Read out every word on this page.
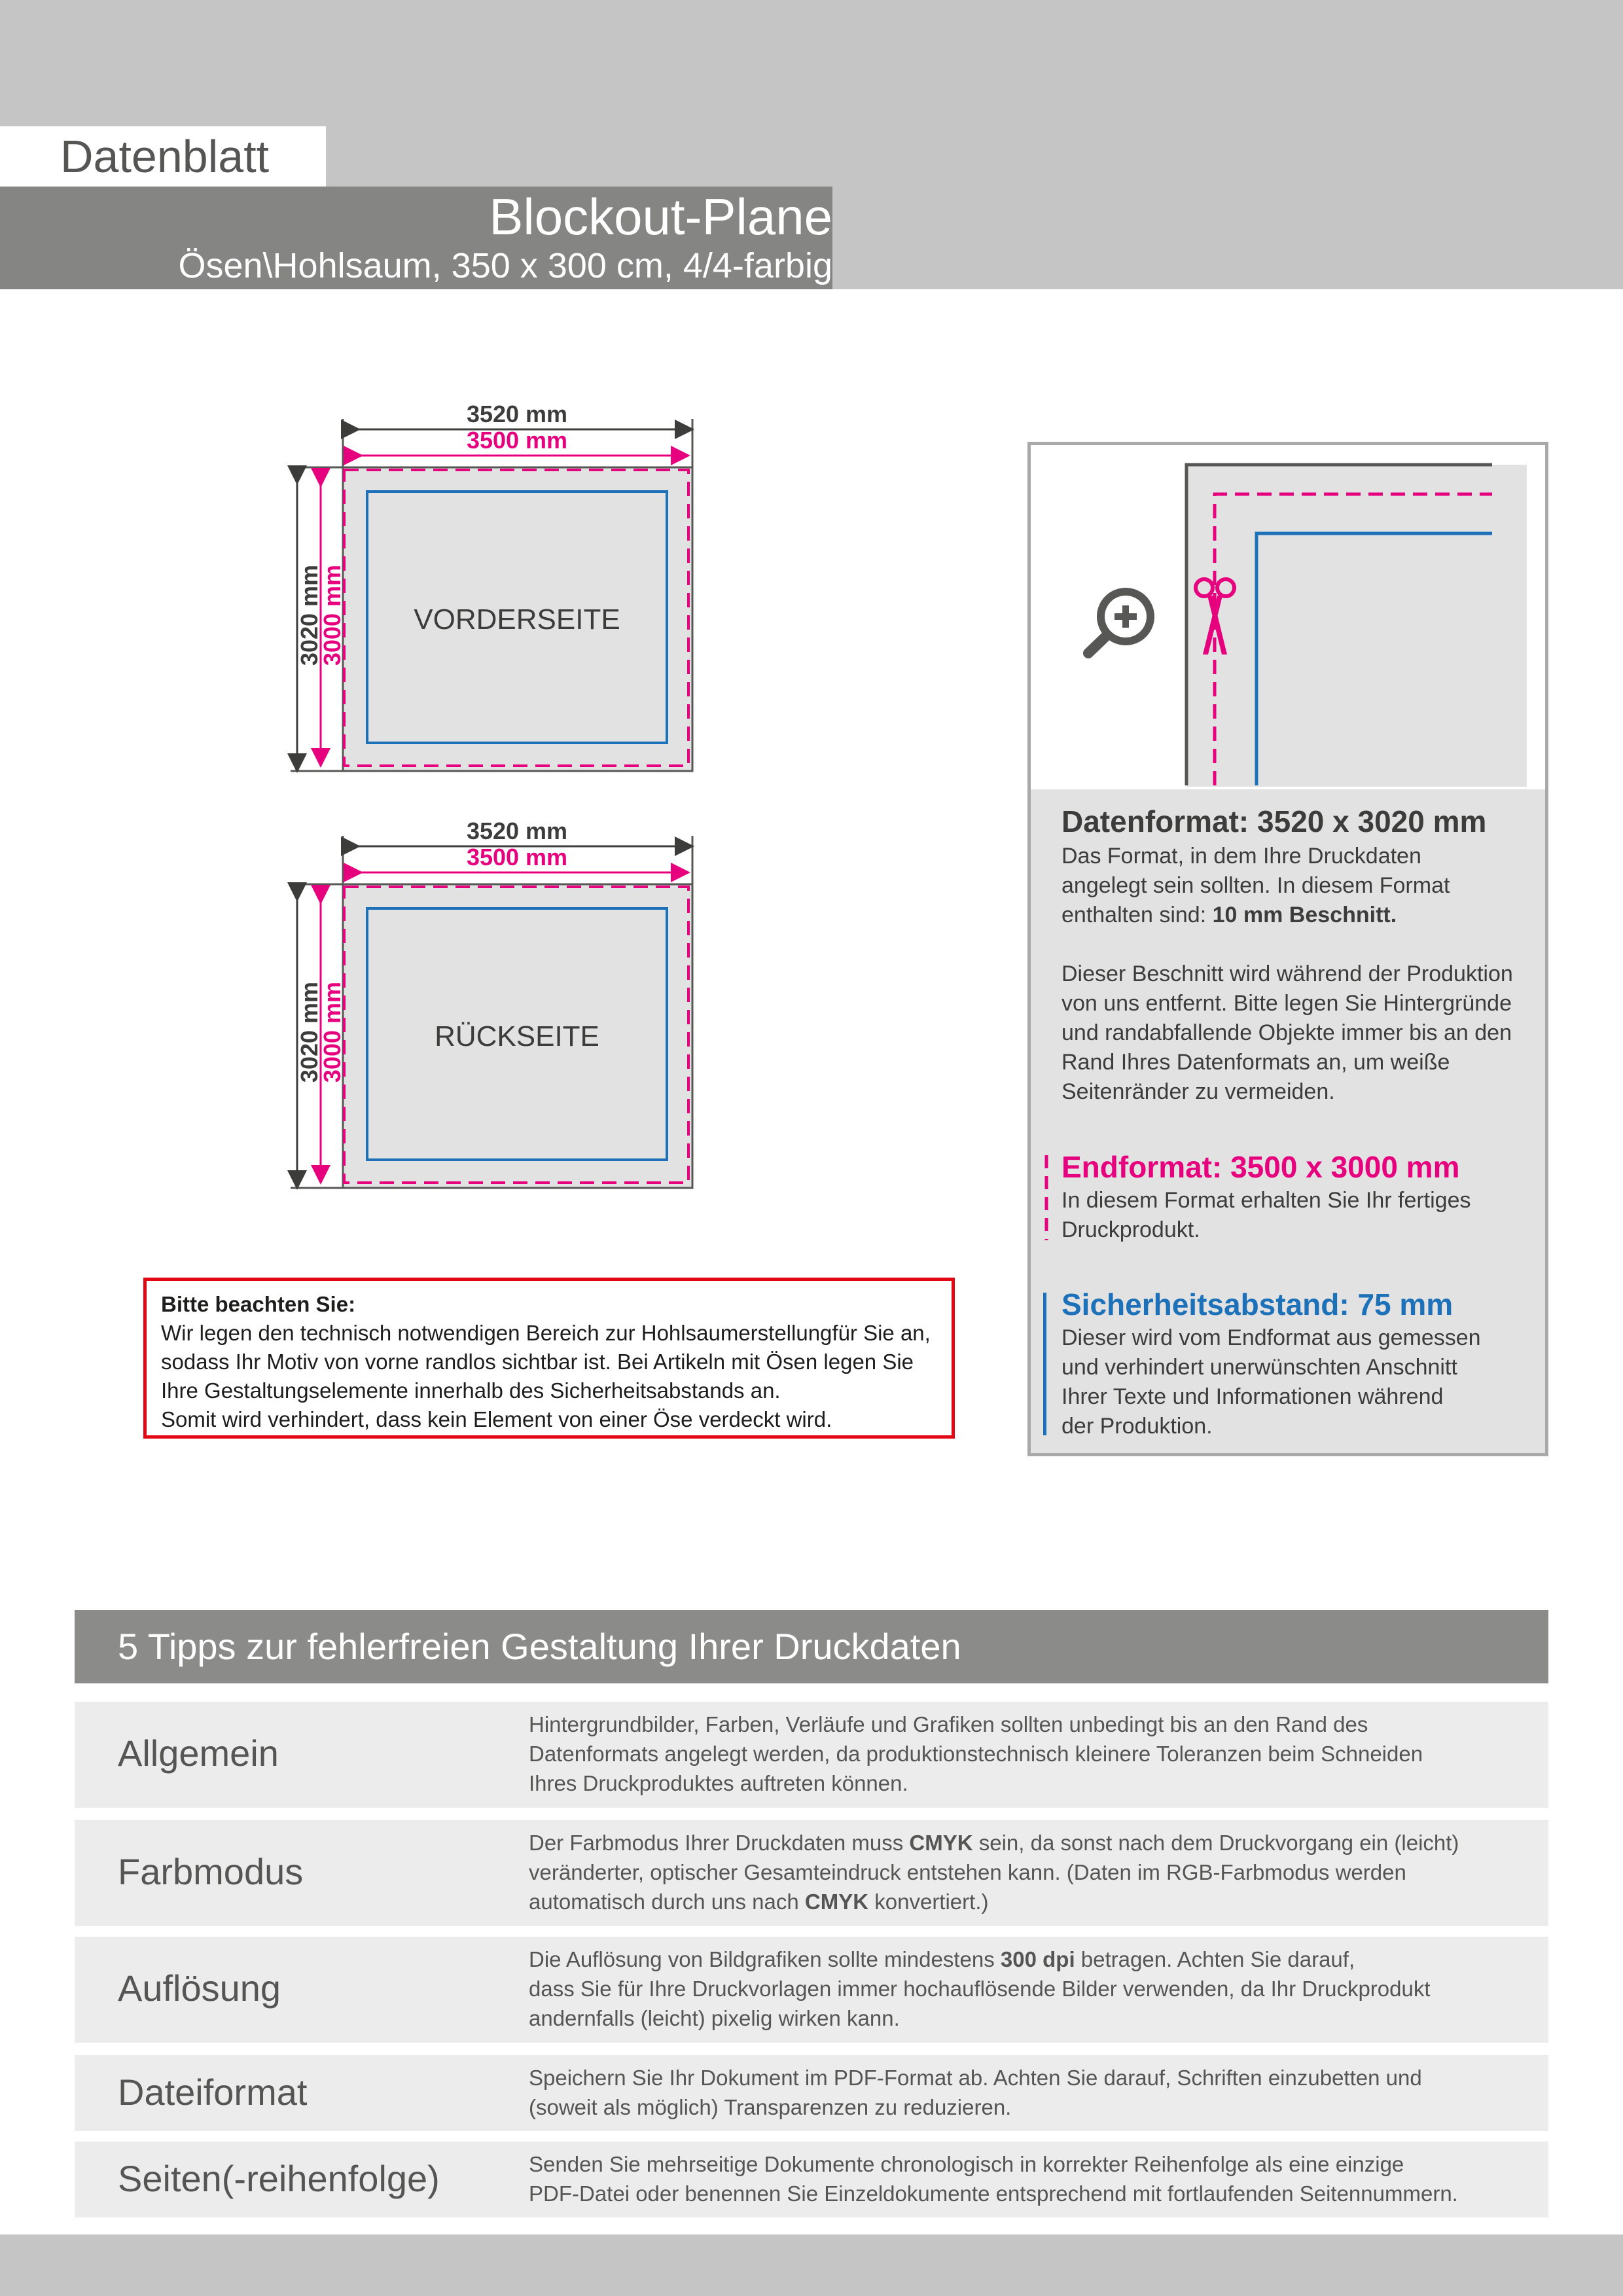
Datenblatt
Blockout-Plane
Ösen\Hohlsaum, 350 x 300 cm, 4/4-farbig
3520 mm
3500 mm
3020 mm
3000 mm	VORDERSEITE
3520 mm
3500 mm
3020 mm
3000 mm	RÜCKSEITE
Datenformat: 3520 x 3020 mm
Das Format, in dem Ihre Druckdaten
angelegt sein sollten. In diesem Format
enthalten sind: 10 mm Beschnitt.
Dieser Beschnitt wird während der Produktion
von uns entfernt. Bitte legen Sie Hintergründe
und randabfallende Objekte immer bis an den
Rand Ihres Datenformats an, um weiße
Seitenränder zu vermeiden.
Endformat: 3500 x 3000 mm
In diesem Format erhalten Sie Ihr fertiges
Druckprodukt.
Sicherheitsabstand: 75 mm
Dieser wird vom Endformat aus gemessen
und verhindert unerwünschten Anschnitt
Ihrer Texte und Informationen während
der Produktion.
Bitte beachten Sie:
Wir legen den technisch notwendigen Bereich zur Hohlsaumerstellungfür Sie an,
sodass Ihr Motiv von vorne randlos sichtbar ist. Bei Artikeln mit Ösen legen Sie
Ihre Gestaltungselemente innerhalb des Sicherheitsabstands an.
Somit wird verhindert, dass kein Element von einer Öse verdeckt wird.
5 Tipps zur fehlerfreien Gestaltung Ihrer Druckdaten
Allgemein
Hintergrundbilder, Farben, Verläufe und Grafiken sollten unbedingt bis an den Rand des
Datenformats angelegt werden, da produktionstechnisch kleinere Toleranzen beim Schneiden
Ihres Druckproduktes auftreten können.
Farbmodus
Der Farbmodus Ihrer Druckdaten muss CMYK sein, da sonst nach dem Druckvorgang ein (leicht)
veränderter, optischer Gesamteindruck entstehen kann. (Daten im RGB-Farbmodus werden
automatisch durch uns nach CMYK konvertiert.)
Auflösung
Die Auflösung von Bildgrafiken sollte mindestens 300 dpi betragen. Achten Sie darauf,
dass Sie für Ihre Druckvorlagen immer hochauflösende Bilder verwenden, da Ihr Druckprodukt
andernfalls (leicht) pixelig wirken kann.
Dateiformat	Speichern Sie Ihr Dokument im PDF-Format ab. Achten Sie darauf, Schriften einzubetten und
(soweit als möglich) Transparenzen zu reduzieren.
Seiten(-reihenfolge)	Senden Sie mehrseitige Dokumente chronologisch in korrekter Reihenfolge als eine einzige
PDF-Datei oder benennen Sie Einzeldokumente entsprechend mit fortlaufenden Seitennummern.
